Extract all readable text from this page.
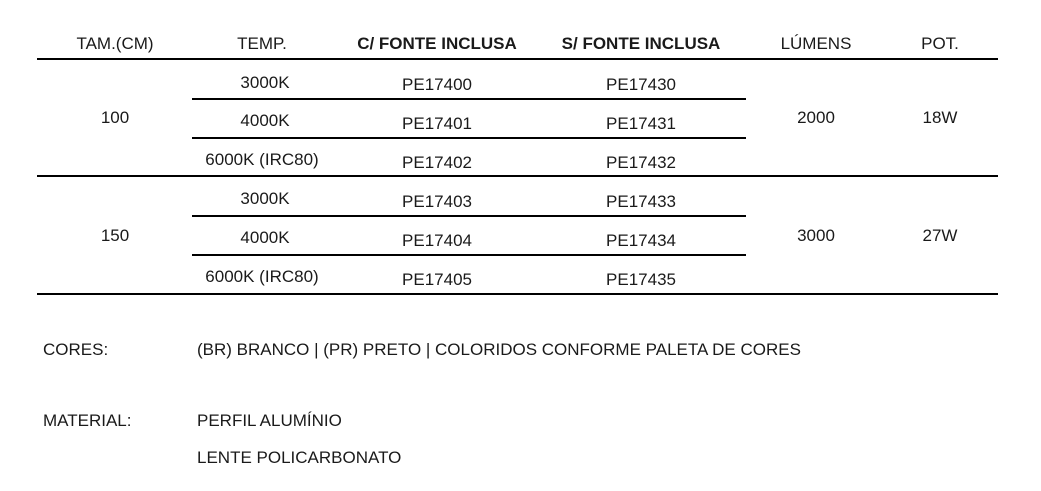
TAM.(CM)	TEMP.	C/ FONTE INCLUSA	S/ FONTE INCLUSA	LÚMENS	POT.
100
3000K	PE17400	PE17430
4000K	PE17401	PE17431
6000K (IRC80)	PE17402	PE17432
2000	18W
150
3000K	PE17403	PE17433
4000K	PE17404	PE17434
6000K (IRC80)	PE17405	PE17435
3000	27W
CORES:	(BR) BRANCO | (PR) PRETO | COLORIDOS CONFORME PALETA DE CORES
MATERIAL:	PERFIL ALUMÍNIO
LENTE POLICARBONATO
